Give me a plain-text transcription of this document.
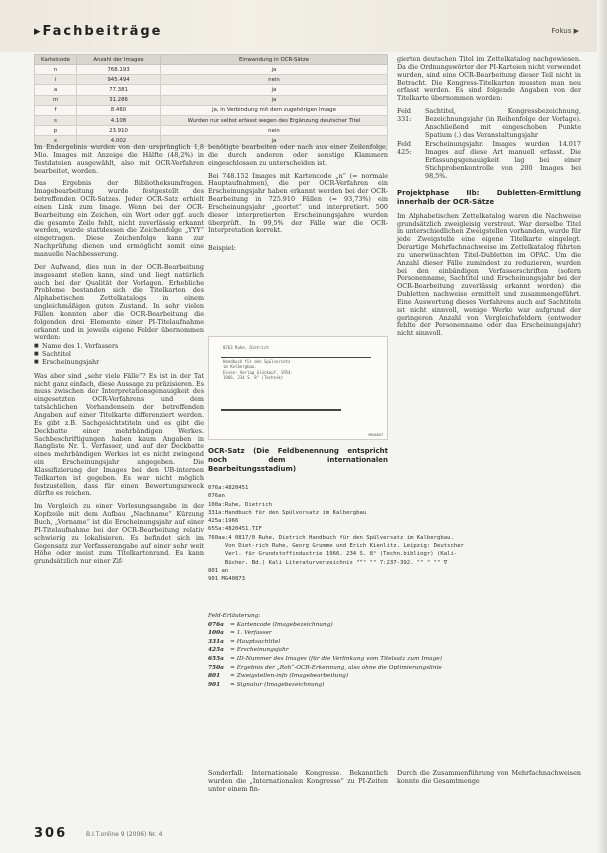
▸Fachbeiträge	Fokus ▶
Karteicode	Anzahl der Images	Einwandung in OCR-Sätze
n	768.193	ja
i	945.494	nein
a	77.381	ja
m	31.286	ja
f	8.460	ja, in Verbindung mit dem zugehörigen Image
s	4.108	Wurden nur selbst erfasst wegen des Ergänzung deutscher Titel
p	23.910	nein
x	4.002	ja

Im Endergebnis wurden von den ursprünglich 1,8 Mio. Images mit Anzeige die Hälfte (48,2%) in Testdateien ausgewählt, also mit OCR-Verfahren bearbeitet, worden.

Das Ergebnis der Bibliotheksumfragen. Imagebearbeitung wurde festgestellt des betreffenden OCR-Satzes. Jeder OCR-Satz erhielt einen Link zum Image. Wenn bei der OCR-Bearbeitung ein Zeichen, ein Wort oder ggf. auch die gesamte Zeile fehlt, nicht zuverlässig erkannt werden, wurde stattdessen die Zeichenfolge „YYY“ eingetragen. Diese Zeichenfolge kann zur Nachprüfung dienen und ermöglicht somit eine manuelle Nachbesserung.

Der Aufwand, dies nun in der OCR-Bearbeitung insgesamt stellen kann, sind und liegt natürlich auch bei der Qualität der Vorlagen. Erhebliche Probleme bestanden sich die Titelkarten des Alphabetischen Zettelkatalogs in einem ungleichmäßigen guten Zustand. In sehr vielen Fällen konnten aber die OCR-Bearbeitung die folgenden drei Elemente einer PI-Titelaufnahme erkannt und in jeweils eigene Felder übernommen werden:

■ Name des 1. Verfassers
■ Sachtitel
■ Erscheinungsjahr

Was aber sind „sehr viele Fälle“? Es ist in der Tat nicht ganz einfach, diese Aussage zu präzisieren. Es muss zwischen der Interpretationsgenauigkeit des eingesetzten OCR-Verfahrens und dem tatsächlichen Vorhandensein der betreffenden Angaben auf einer Titelkarte differenziert werden. Es gibt z.B. Sachgesichtstiteln und es gibt die Deckbatte einer mehrbändigen Werkes. Sachbeschriftigungen haben kaum Angaben in Rangliste Nr. 1. Verfasser, und auf der Deckbatte eines mehrbändigen Werkes ist es nicht zwingend ein Erscheinungsjahr angegeben. Die Klassifizierung der Images bei den UB-internen Teilkarten ist gegeben. Es war nicht möglich festzustellen, dass für einen Bewertungszweck dürfte es reichen.

Im Vergleich zu einer Vorlesungsangabe in der Kopfzeile mit dem Aufbau „Nachname“ Kürzung Buch, „Vorname“ ist die Erscheinungsjahr auf einer PI-Titelaufnahme bei der OCR-Bearbeitung relativ schwierig zu lokalisieren. Es befindet sich im Gegensatz zur Verfasserangabe auf einer sehr weit Höhe oder meist zum Titelkartenrand. Es kann grundsätzlich nur einer Zif-

benötigte bearbeiten oder nach aus einer Zeilenfolge, die durch anderen oder sonstige Klammern eingeschlossen zu unterscheiden ist.

Bei 748.152 Images mit Kartencode „n“ (= normale Hauptaufnahmen), die per OCR-Verfahren ein Erscheinungsjahr haben erkannt werden bei der OCR-Bearbeitung in 725.910 Fällen (= 93,73%) ein Erscheinungsjahr „geortet“ und interpretiert. 500 dieser interpretierten Erscheinungsjahre wurden überprüft. In 99,5% der Fälle war die OCR-Interpretation korrekt.

Beispiel:

0763 Ruhe, Dietrich
Handbuch für den Spülvorsetz
im Kelbergbau.
Essen: Verlag Glückauf, 1954.
1966. 234 S. 8° (Technik)
M00487
OCR-Satz (Die Feldbenennung entspricht noch dem internationalen Bearbeitungsstadium)
076a:4820451
076an
100a:Ruhe, Dietrich
331a:Handbuch für den Spülvorsatz im Kalbergbau
425a:1966
655a:4820451.TIF
760aa:4 0817/0 Ruhe, Dietrich Handbuch für den Spülversatz im Kalbergbau.
Von Diet-rich Ruhe, Georg Grumme und Erich Kienlitz. Leipzig: Deutscher
Verl. für Grundstoffindustrie 1966. 234 S. 8° (Techn.bibliogr) (Kali-
Bücher. Bd.) Kali Literaturverzeichnis """ "" 7:237-392. "" " "" ∇
801 an
901 MG40873
Feld-Erläuterung:
076a = Kartencode (Imagebezeichnung)
100a = 1. Verfasser
331a = Hauptsachtitel
425a = Erscheinungsjahr
655a = ID-Nummer des Images (für die Verlinkung vom Titelsatz zum Image)
750a = Ergebnis der „Roh“-OCR-Erkennung, also ohne die Optimierungslinie
801 = Zweigstellen-info (Imagebearbeitung)
901 = Signatur (Imagebezeichnung)

Sonderfall: Internationale Kongresse. Bekanntlich wurden die „Internationalen Kongresse“ zu PI-Zeiten unter einem fin-

gierten deutschen Titel im Zettelkatalog nachgewiesen. Da die Ordnungswörter der PI-Karteien nicht verwendet wurden, sind eine OCR-Bearbeitung dieser Teil nicht in Betracht. Die Kongress-Titelkarten mussten man neu erfasst werden. Es sind folgende Angaben von der Titelkarte übernommen worden:

Feld 331:
Sachtitel, Kongressbezeichnung, Bezeichnungsjahr (in Reihenfolge der Vorlage). Anschließend mit eingeschoben Punkte Spatium (.) das Veranstaltungsjahr
Feld 425:
Erscheinungsjahr. Images wurden 14.017 Images auf diese Art manuell erfasst. Die Erfassungsgenauigkeit lag bei einer Stichprobenkontrolle von 200 Images bei 98,5%.
Projektphase IIb: Dubletten-Ermittlung innerhalb der OCR-Sätze

Im Alphabetischen Zettelkatalog waren die Nachweise grundsätzlich zweigleisig verstreut. War derselbe Titel in unterschiedlichen Zweigstellen vorhanden, wurde für jede Zweigstelle eine eigene Titelkarte eingelegt. Derartige Mehrfachnachweise im Zettelkatalog führten zu unerwünschten Titel-Dubletten im OPAC. Um die Anzahl dieser Fälle zumindest zu reduzieren, wurden bei den einbändigen Verfasserschriften (sofern Personenname, Sachtitel und Erscheinungsjahr bei der OCR-Bearbeitung zuverlässig erkannt worden) die Dubletten nachweise ermittelt und zusammengeführt. Eine Auswertung dieses Verfahrens auch auf Sachtiteln ist nicht sinnvoll, wenige Werke war aufgrund der geringeren Anzahl von Vergleichsfeldern (entweder fehlte der Personenname oder das Erscheinungsjahr) nicht sinnvoll.

Durch die Zusammenführung von Mehrfachnachweisen konnte die Gesamtmenge

306	B.I.T.online 9 (2006) Nr. 4
